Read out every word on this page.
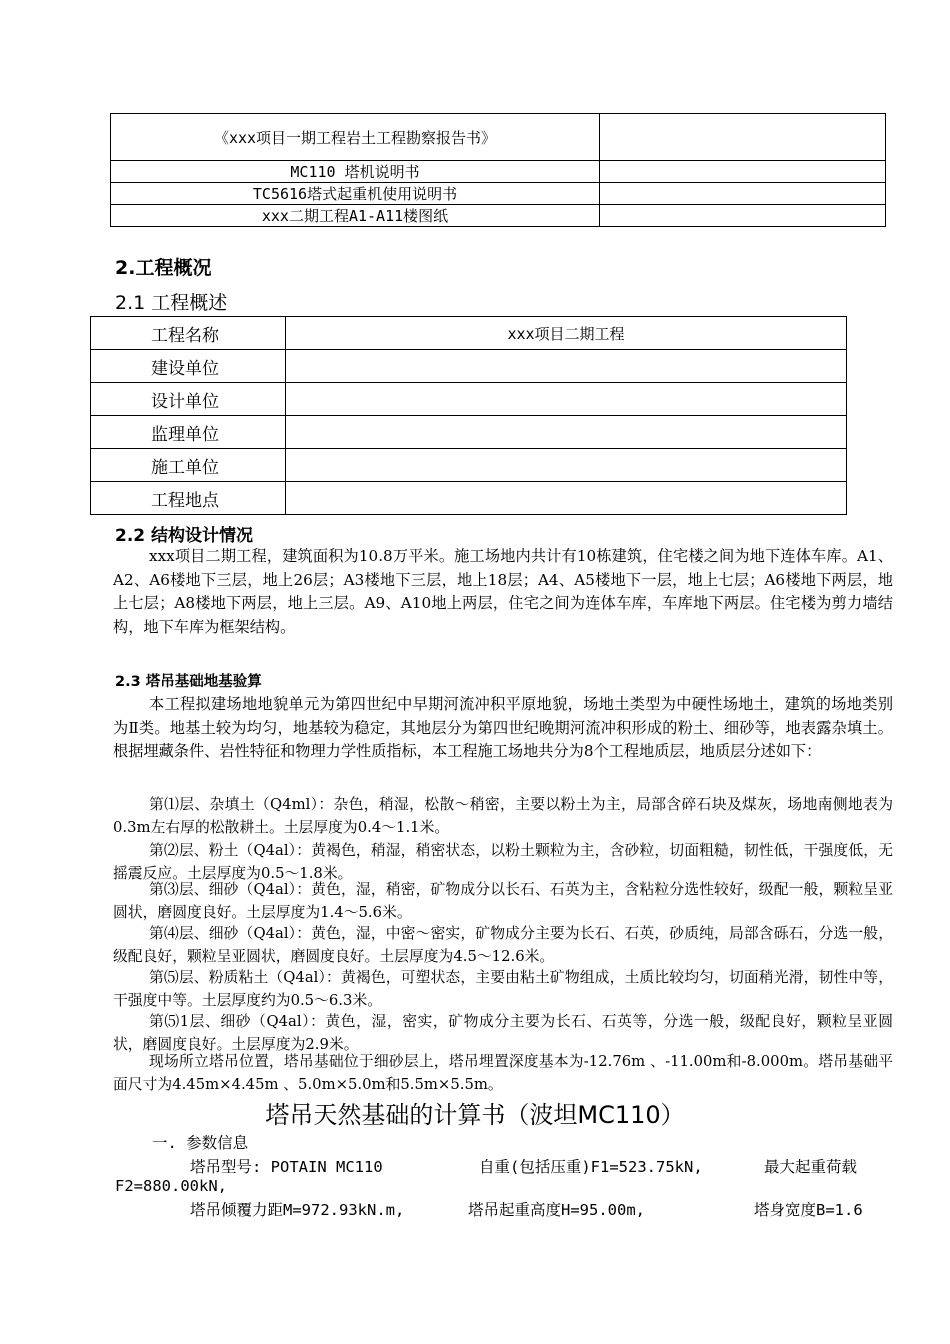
《xxx项目一期工程岩土工程勘察报告书》	
MC110 塔机说明书	
TC5616塔式起重机使用说明书	
xxx二期工程A1-A11楼图纸	
2.工程概况
2.1 工程概述
工程名称	xxx项目二期工程
建设单位	
设计单位	
监理单位	
施工单位	
工程地点	
2.2 结构设计情况
xxx项目二期工程，建筑面积为10.8万平米。施工场地内共计有10栋建筑，住宅楼之间为地下连体车库。A1、A2、A6楼地下三层，地上26层；A3楼地下三层，地上18层；A4、A5楼地下一层，地上七层；A6楼地下两层，地上七层；A8楼地下两层，地上三层。A9、A10地上两层，住宅之间为连体车库，车库地下两层。住宅楼为剪力墙结构，地下车库为框架结构。
2.3 塔吊基础地基验算
本工程拟建场地地貌单元为第四世纪中早期河流冲积平原地貌，场地土类型为中硬性场地土，建筑的场地类别为Ⅱ类。地基土较为均匀，地基较为稳定，其地层分为第四世纪晚期河流冲积形成的粉土、细砂等，地表露杂填土。根据埋藏条件、岩性特征和物理力学性质指标，本工程施工场地共分为8个工程地质层，地质层分述如下：
第⑴层、杂填土（Q4ml）：杂色，稍湿，松散～稍密，主要以粉土为主，局部含碎石块及煤灰，场地南侧地表为0.3m左右厚的松散耕土。土层厚度为0.4～1.1米。
第⑵层、粉土（Q4al）：黄褐色，稍湿，稍密状态，以粉土颗粒为主，含砂粒，切面粗糙，韧性低，干强度低，无摇震反应。土层厚度为0.5～1.8米。
第⑶层、细砂（Q4al）：黄色，湿，稍密，矿物成分以长石、石英为主，含粘粒分选性较好，级配一般，颗粒呈亚圆状，磨圆度良好。土层厚度为1.4～5.6米。
第⑷层、细砂（Q4al）：黄色，湿，中密～密实，矿物成分主要为长石、石英，砂质纯，局部含砾石，分选一般，级配良好，颗粒呈亚圆状，磨圆度良好。土层厚度为4.5～12.6米。
第⑸层、粉质粘土（Q4al）：黄褐色，可塑状态，主要由粘土矿物组成，土质比较均匀，切面稍光滑，韧性中等，干强度中等。土层厚度约为0.5～6.3米。
第⑸1层、细砂（Q4al）：黄色，湿，密实，矿物成分主要为长石、石英等，分选一般，级配良好，颗粒呈亚圆状，磨圆度良好。土层厚度为2.9米。
现场所立塔吊位置，塔吊基础位于细砂层上，塔吊埋置深度基本为-12.76m 、-11.00m和-8.000m。塔吊基础平面尺寸为4.45m×4.45m 、5.0m×5.0m和5.5m×5.5m。
塔吊天然基础的计算书（波坦MC110）
一. 参数信息
塔吊型号: POTAIN MC110	自重(包括压重)F1=523.75kN,	最大起重荷载
F2=880.00kN,
塔吊倾覆力距M=972.93kN.m,	塔吊起重高度H=95.00m,	塔身宽度B=1.6
